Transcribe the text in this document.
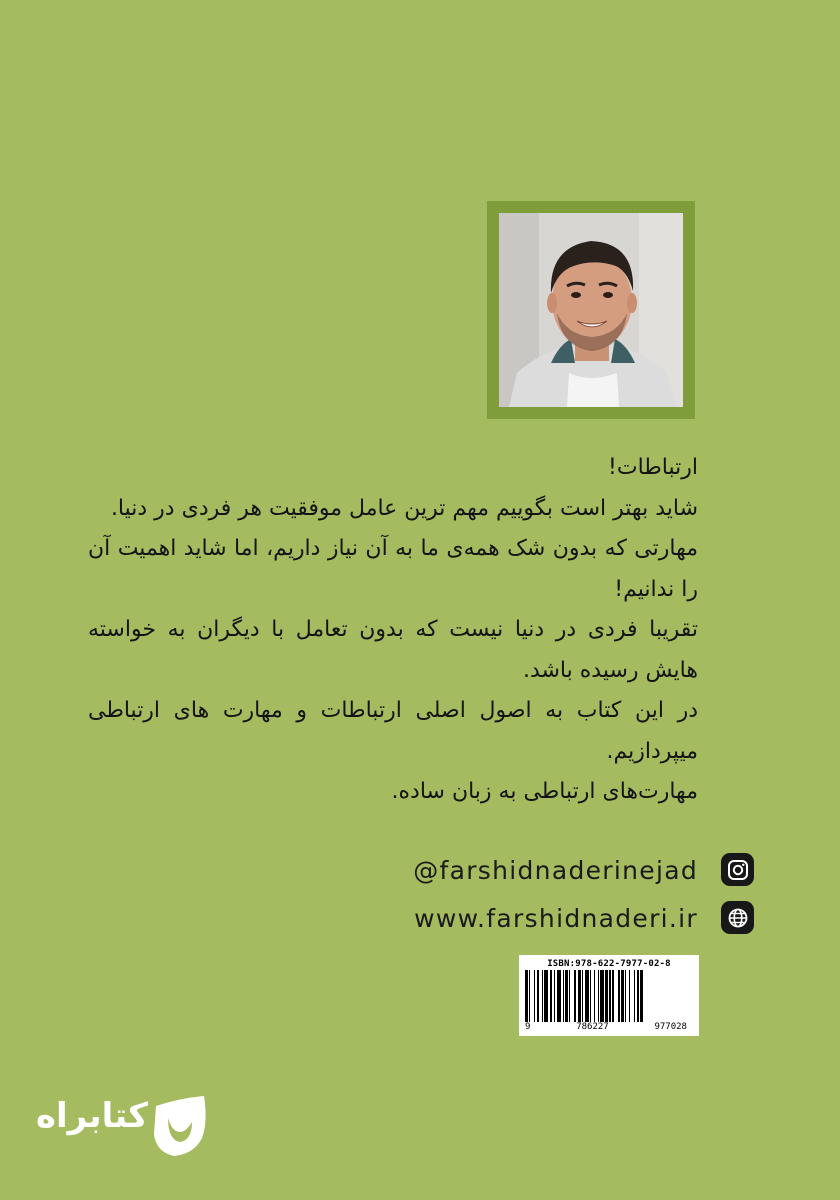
ارتباطات!

شاید بهتر است بگوییم مهم ترین عامل موفقیت هر فردی در دنیا.

مهارتی که بدون شک همه‌ی ما به آن نیاز داریم، اما شاید اهمیت آن را ندانیم!

تقریبا فردی در دنیا نیست که بدون تعامل با دیگران به خواسته هایش رسیده باشد.

در این کتاب به اصول اصلی ارتباطات و مهارت های ارتباطی میپردازیم.

مهارت‌های ارتباطی به زبان ساده.

@farshidnaderinejad
www.farshidnaderi.ir
ISBN:978-622-7977-02-8
9	786227	977028
کتابراه
